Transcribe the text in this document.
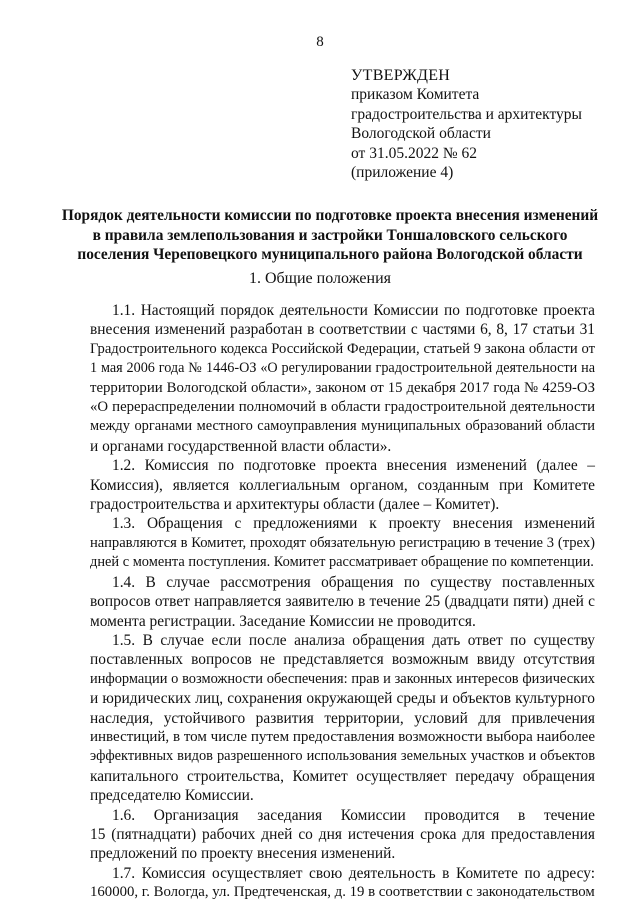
8
УТВЕРЖДЕН
приказом Комитета
градостроительства и архитектуры
Вологодской области
от 31.05.2022 № 62
(приложение 4)
Порядок деятельности комиссии по подготовке проекта внесения изменений
в правила землепользования и застройки Тоншаловского сельского
поселения Череповецкого муниципального района Вологодской области
1. Общие положения
1.1. Настоящий порядок деятельности Комиссии по подготовке проекта
внесения изменений разработан в соответствии с частями 6, 8, 17 статьи 31
Градостроительного кодекса Российской Федерации, статьей 9 закона области от
1 мая 2006 года № 1446-ОЗ «О регулировании градостроительной деятельности на
территории Вологодской области», законом от 15 декабря 2017 года № 4259-ОЗ
«О перераспределении полномочий в области градостроительной деятельности
между органами местного самоуправления муниципальных образований области
и органами государственной власти области».
1.2. Комиссия по подготовке проекта внесения изменений (далее –
Комиссия), является коллегиальным органом, созданным при Комитете
градостроительства и архитектуры области (далее – Комитет).
1.3. Обращения с предложениями к проекту внесения изменений
направляются в Комитет, проходят обязательную регистрацию в течение 3 (трех)
дней с момента поступления. Комитет рассматривает обращение по компетенции.
1.4. В случае рассмотрения обращения по существу поставленных
вопросов ответ направляется заявителю в течение 25 (двадцати пяти) дней с
момента регистрации. Заседание Комиссии не проводится.
1.5. В случае если после анализа обращения дать ответ по существу
поставленных вопросов не представляется возможным ввиду отсутствия
информации о возможности обеспечения: прав и законных интересов физических
и юридических лиц, сохранения окружающей среды и объектов культурного
наследия, устойчивого развития территории, условий для привлечения
инвестиций, в том числе путем предоставления возможности выбора наиболее
эффективных видов разрешенного использования земельных участков и объектов
капитального строительства, Комитет осуществляет передачу обращения
председателю Комиссии.
1.6. Организация заседания Комиссии проводится в течение
15 (пятнадцати) рабочих дней со дня истечения срока для предоставления
предложений по проекту внесения изменений.
1.7. Комиссия осуществляет свою деятельность в Комитете по адресу:
160000, г. Вологда, ул. Предтеченская, д. 19 в соответствии с законодательством
